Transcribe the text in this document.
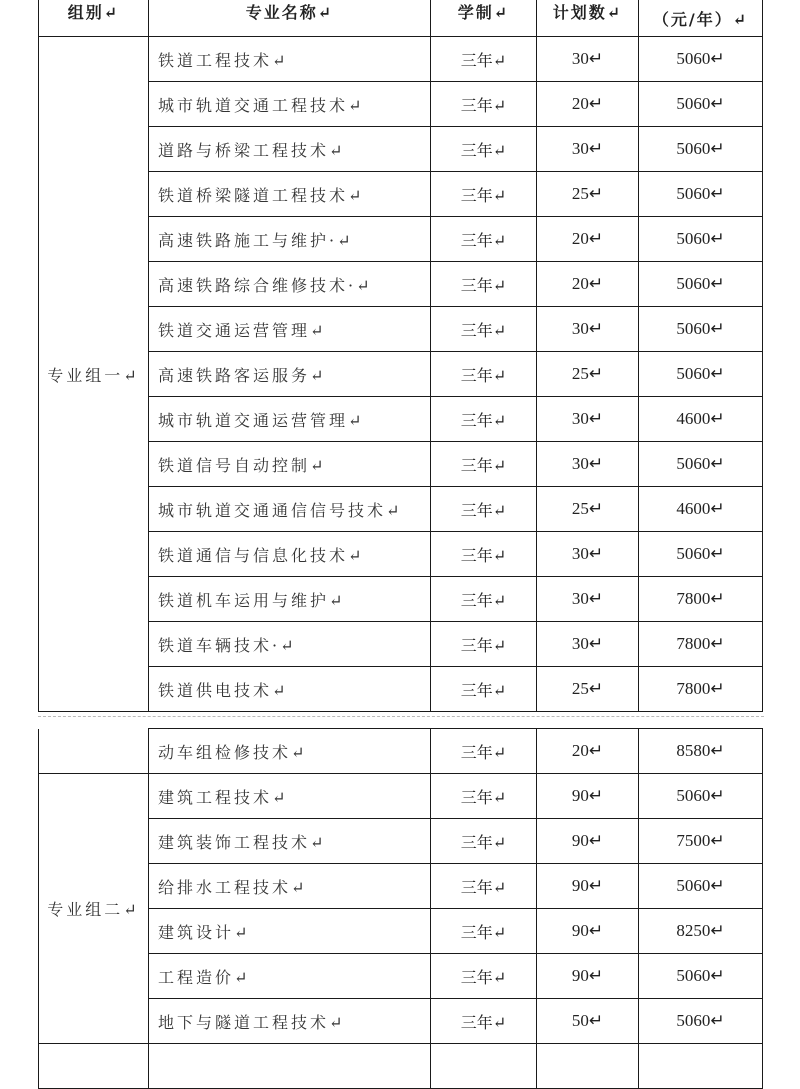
组别↵	专业名称↵	学制↵	计划数↵	（元/年）↵
专业组一↵	铁道工程技术↵	三年↵	30↵	5060↵
	城市轨道交通工程技术↵	三年↵	20↵	5060↵
	道路与桥梁工程技术↵	三年↵	30↵	5060↵
	铁道桥梁隧道工程技术↵	三年↵	25↵	5060↵
	高速铁路施工与维护·↵	三年↵	20↵	5060↵
	高速铁路综合维修技术·↵	三年↵	20↵	5060↵
	铁道交通运营管理↵	三年↵	30↵	5060↵
	高速铁路客运服务↵	三年↵	25↵	5060↵
	城市轨道交通运营管理↵	三年↵	30↵	4600↵
	铁道信号自动控制↵	三年↵	30↵	5060↵
	城市轨道交通通信信号技术↵	三年↵	25↵	4600↵
	铁道通信与信息化技术↵	三年↵	30↵	5060↵
	铁道机车运用与维护↵	三年↵	30↵	7800↵
	铁道车辆技术·↵	三年↵	30↵	7800↵
	铁道供电技术↵	三年↵	25↵	7800↵
	动车组检修技术↵	三年↵	20↵	8580↵
专业组二↵	建筑工程技术↵	三年↵	90↵	5060↵
	建筑装饰工程技术↵	三年↵	90↵	7500↵
	给排水工程技术↵	三年↵	90↵	5060↵
	建筑设计↵	三年↵	90↵	8250↵
	工程造价↵	三年↵	90↵	5060↵
	地下与隧道工程技术↵	三年↵	50↵	5060↵
